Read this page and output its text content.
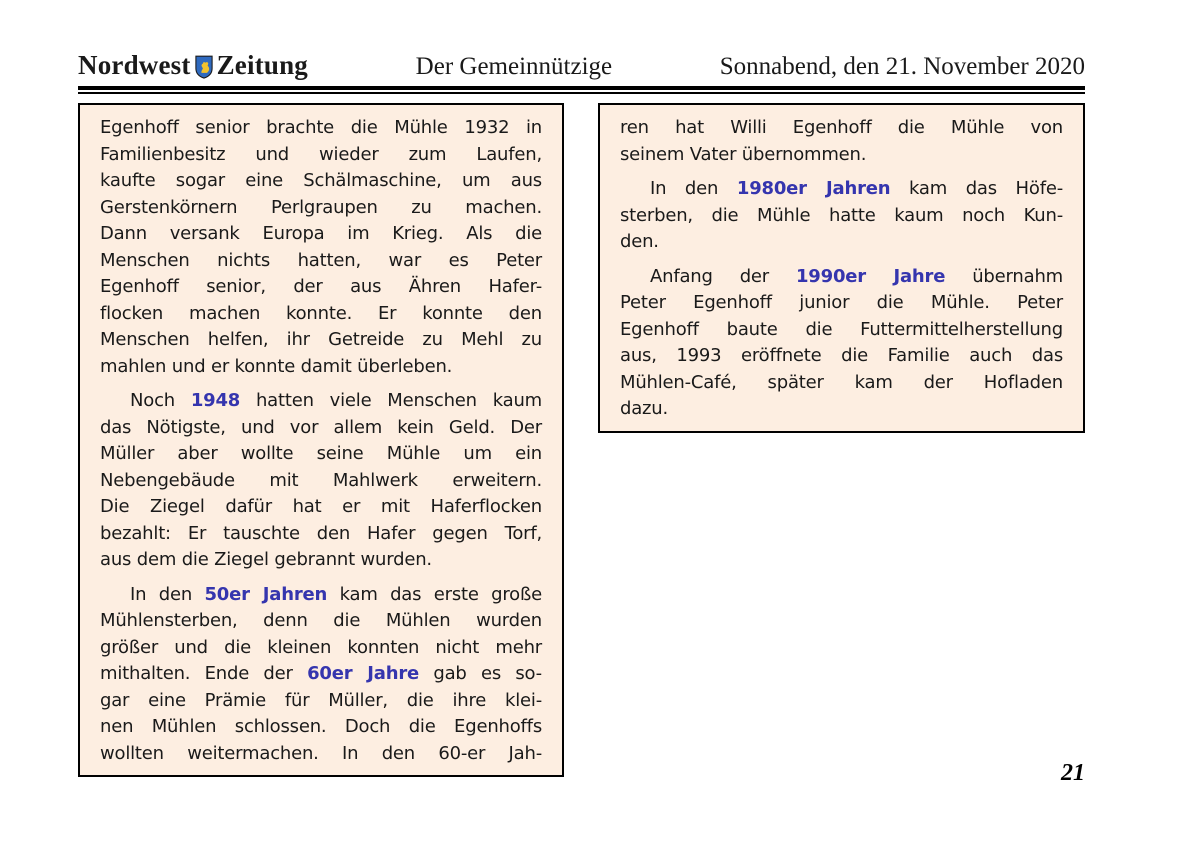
Nordwest Zeitung	Der Gemeinnützige	Sonnabend, den 21. November 2020
Egenhoff senior brachte die Mühle 1932 in
Familienbesitz und wieder zum Laufen,
kaufte sogar eine Schälmaschine, um aus
Gerstenkörnern Perlgraupen zu machen.
Dann versank Europa im Krieg. Als die
Menschen nichts hatten, war es Peter
Egenhoff senior, der aus Ähren Hafer-
flocken machen konnte. Er konnte den
Menschen helfen, ihr Getreide zu Mehl zu
mahlen und er konnte damit überleben.
Noch 1948 hatten viele Menschen kaum
das Nötigste, und vor allem kein Geld. Der
Müller aber wollte seine Mühle um ein
Nebengebäude mit Mahlwerk erweitern.
Die Ziegel dafür hat er mit Haferflocken
bezahlt: Er tauschte den Hafer gegen Torf,
aus dem die Ziegel gebrannt wurden.
In den 50er Jahren kam das erste große
Mühlensterben, denn die Mühlen wurden
größer und die kleinen konnten nicht mehr
mithalten. Ende der 60er Jahre gab es so-
gar eine Prämie für Müller, die ihre klei-
nen Mühlen schlossen. Doch die Egenhoffs
wollten weitermachen. In den 60-er Jah-
ren hat Willi Egenhoff die Mühle von
seinem Vater übernommen.
In den 1980er Jahren kam das Höfe-
sterben, die Mühle hatte kaum noch Kun-
den.
Anfang der 1990er Jahre übernahm
Peter Egenhoff junior die Mühle. Peter
Egenhoff baute die Futtermittelherstellung
aus, 1993 eröffnete die Familie auch das
Mühlen-Café, später kam der Hofladen
dazu.
21
